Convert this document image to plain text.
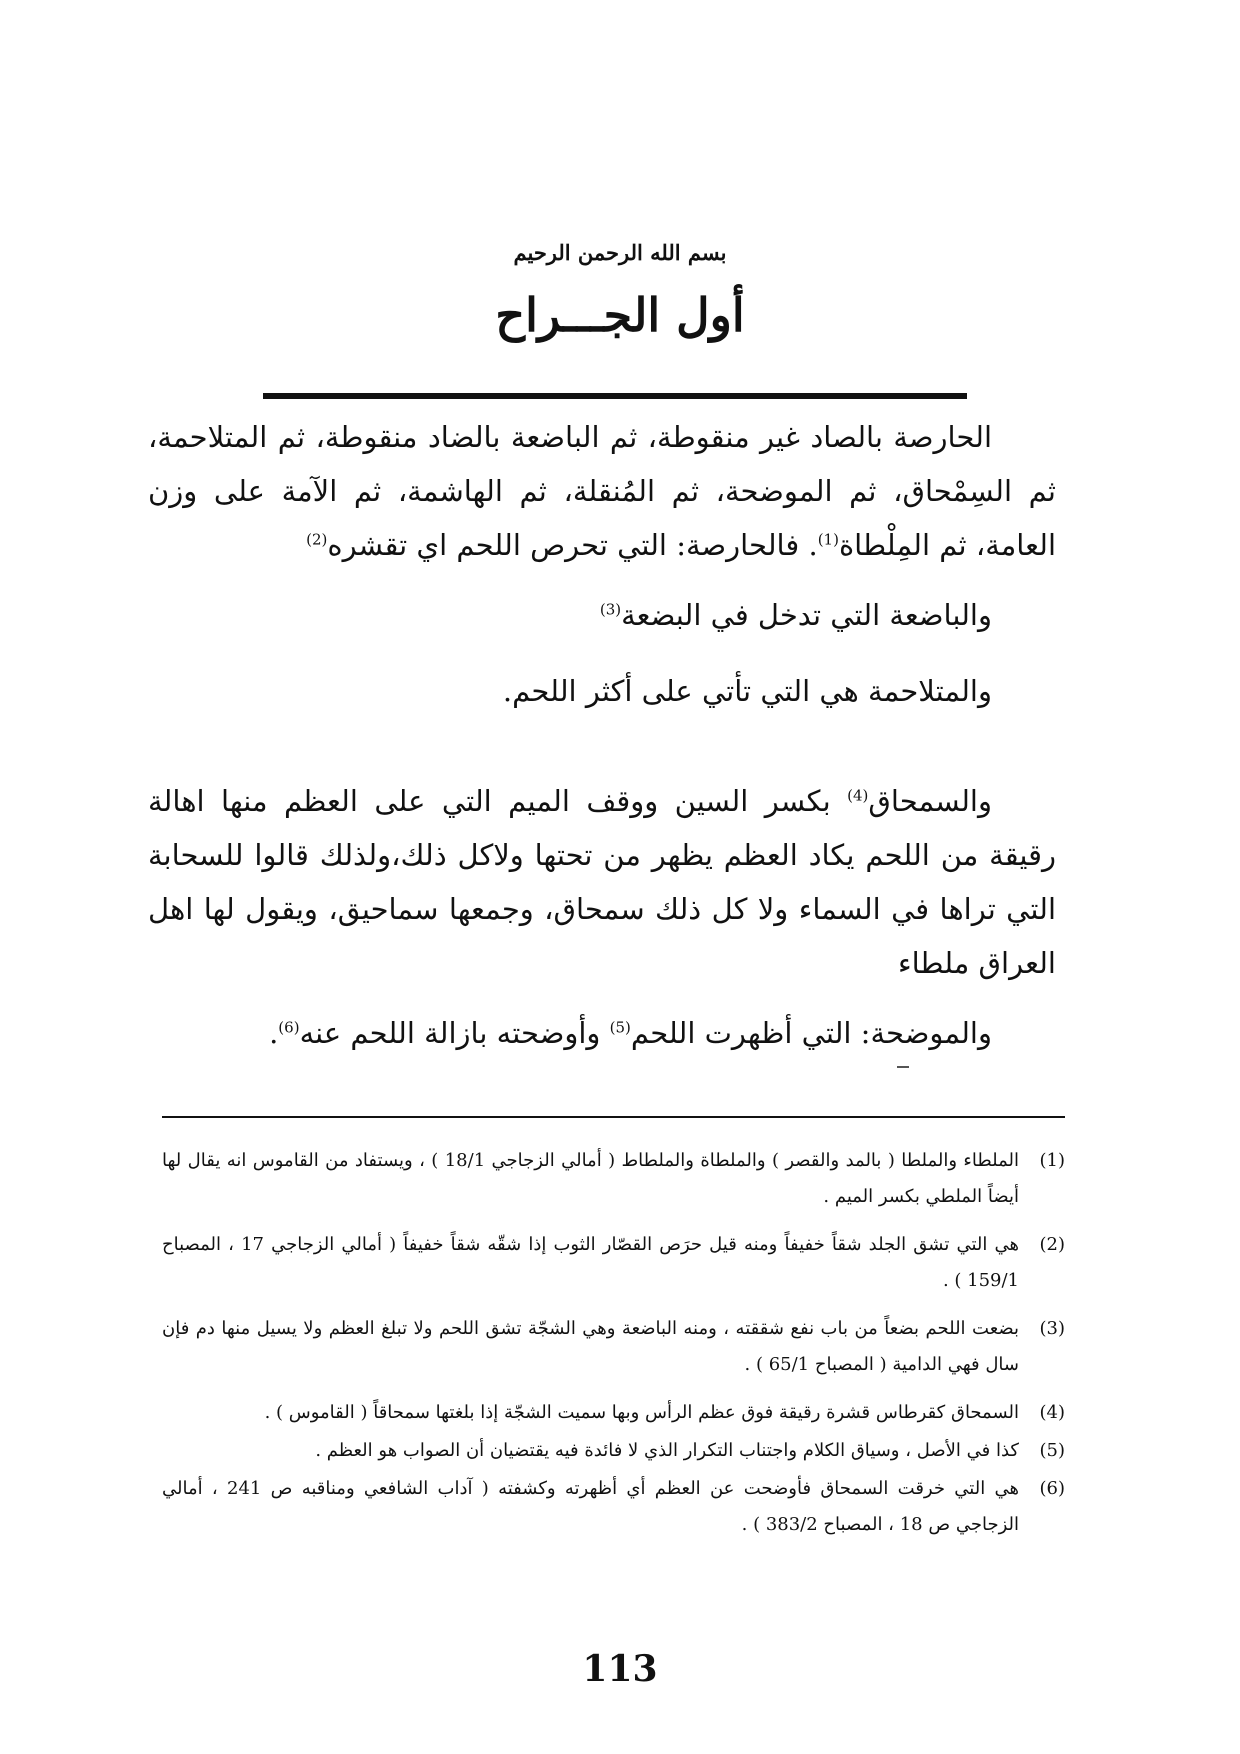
بسم الله الرحمن الرحيم
أول الجـــراح

الحارصة بالصاد غير منقوطة، ثم الباضعة بالضاد منقوطة، ثم المتلاحمة، ثم السِمْحاق، ثم الموضحة، ثم المُنقلة، ثم الهاشمة، ثم الآمة على وزن العامة، ثم المِلْطاة$^{(1)}$. فالحارصة: التي تحرص اللحم اي تقشره$^{(2)}$

والباضعة التي تدخل في البضعة$^{(3)}$

والمتلاحمة هي التي تأتي على أكثر اللحم.

والسمحاق$^{(4)}$ بكسر السين ووقف الميم التي على العظم منها اهالة رقيقة من اللحم يكاد العظم يظهر من تحتها ولاكل ذلك،ولذلك قالوا للسحابة التي تراها في السماء ولا كل ذلك سمحاق، وجمعها سماحيق، ويقول لها اهل العراق ملطاء

والموضحة: التي أظهرت اللحم$^{(5)}$ وأوضحته بازالة اللحم عنه$^{(6)}$.

(1)
الملطاء والملطا ( بالمد والقصر ) والملطاة والملطاط ( أمالي الزجاجي 18/1 ) ، ويستفاد من القاموس انه يقال لها أيضاً الملطي بكسر الميم .
(2)
هي التي تشق الجلد شقاً خفيفاً ومنه قيل حرَص القصّار الثوب إذا شقّه شقاً خفيفاً ( أمالي الزجاجي 17 ، المصباح 159/1 ) .
(3)
بضعت اللحم بضعاً من باب نفع شققته ، ومنه الباضعة وهي الشجّة تشق اللحم ولا تبلغ العظم ولا يسيل منها دم فإن سال فهي الدامية ( المصباح 65/1 ) .
(4)
السمحاق كقرطاس قشرة رقيقة فوق عظم الرأس وبها سميت الشجّة إذا بلغتها سمحاقاً ( القاموس ) .
(5)
كذا في الأصل ، وسياق الكلام واجتناب التكرار الذي لا فائدة فيه يقتضيان أن الصواب هو العظم .
(6)
هي التي خرقت السمحاق فأوضحت عن العظم أي أظهرته وكشفته ( آداب الشافعي ومناقبه ص 241 ، أمالي الزجاجي ص 18 ، المصباح 383/2 ) .
113
